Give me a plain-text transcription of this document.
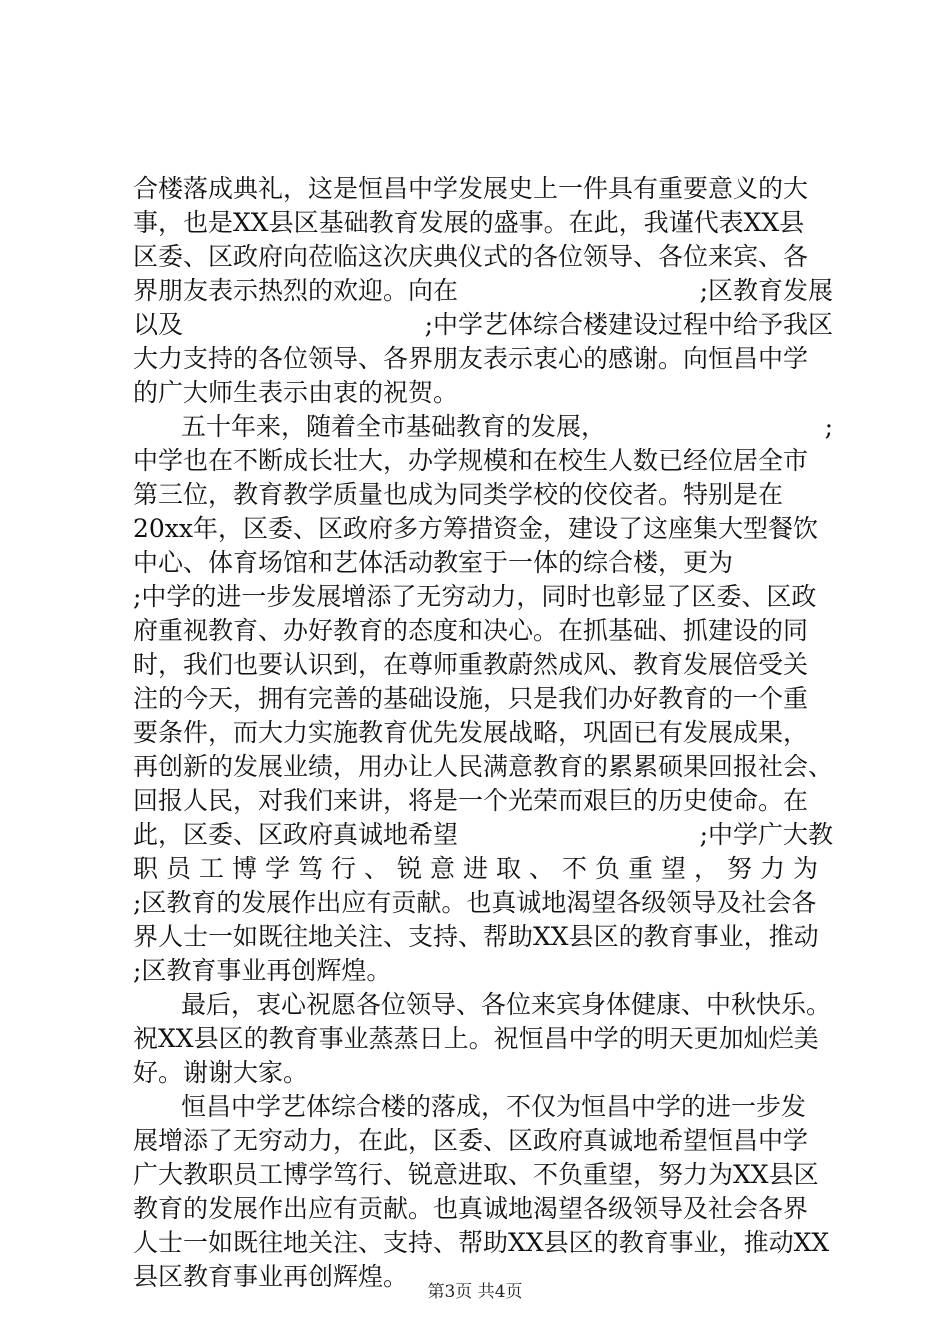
合楼落成典礼，这是恒昌中学发展史上一件具有重要意义的大
事，也是XX县区基础教育发展的盛事。在此，我谨代表XX县
区委、区政府向莅临这次庆典仪式的各位领导、各位来宾、各
界朋友表示热烈的欢迎。向在	;区教育发展
以及	;中学艺体综合楼建设过程中给予我区
大力支持的各位领导、各界朋友表示衷心的感谢。向恒昌中学
的广大师生表示由衷的祝贺。
五十年来，随着全市基础教育的发展，	;
中学也在不断成长壮大，办学规模和在校生人数已经位居全市
第三位，教育教学质量也成为同类学校的佼佼者。特别是在
20xx年，区委、区政府多方筹措资金，建设了这座集大型餐饮
中心、体育场馆和艺体活动教室于一体的综合楼，更为
;中学的进一步发展增添了无穷动力，同时也彰显了区委、区政
府重视教育、办好教育的态度和决心。在抓基础、抓建设的同
时，我们也要认识到，在尊师重教蔚然成风、教育发展倍受关
注的今天，拥有完善的基础设施，只是我们办好教育的一个重
要条件，而大力实施教育优先发展战略，巩固已有发展成果，
再创新的发展业绩，用办让人民满意教育的累累硕果回报社会、
回报人民，对我们来讲，将是一个光荣而艰巨的历史使命。在
此，区委、区政府真诚地希望	;中学广大教
职员工博学笃行、锐意进取、不负重望，努力为
;区教育的发展作出应有贡献。也真诚地渴望各级领导及社会各
界人士一如既往地关注、支持、帮助XX县区的教育事业，推动
;区教育事业再创辉煌。
最后，衷心祝愿各位领导、各位来宾身体健康、中秋快乐。
祝XX县区的教育事业蒸蒸日上。祝恒昌中学的明天更加灿烂美
好。谢谢大家。
恒昌中学艺体综合楼的落成，不仅为恒昌中学的进一步发
展增添了无穷动力，在此，区委、区政府真诚地希望恒昌中学
广大教职员工博学笃行、锐意进取、不负重望，努力为XX县区
教育的发展作出应有贡献。也真诚地渴望各级领导及社会各界
人士一如既往地关注、支持、帮助XX县区的教育事业，推动XX
县区教育事业再创辉煌。
第3页 共4页
